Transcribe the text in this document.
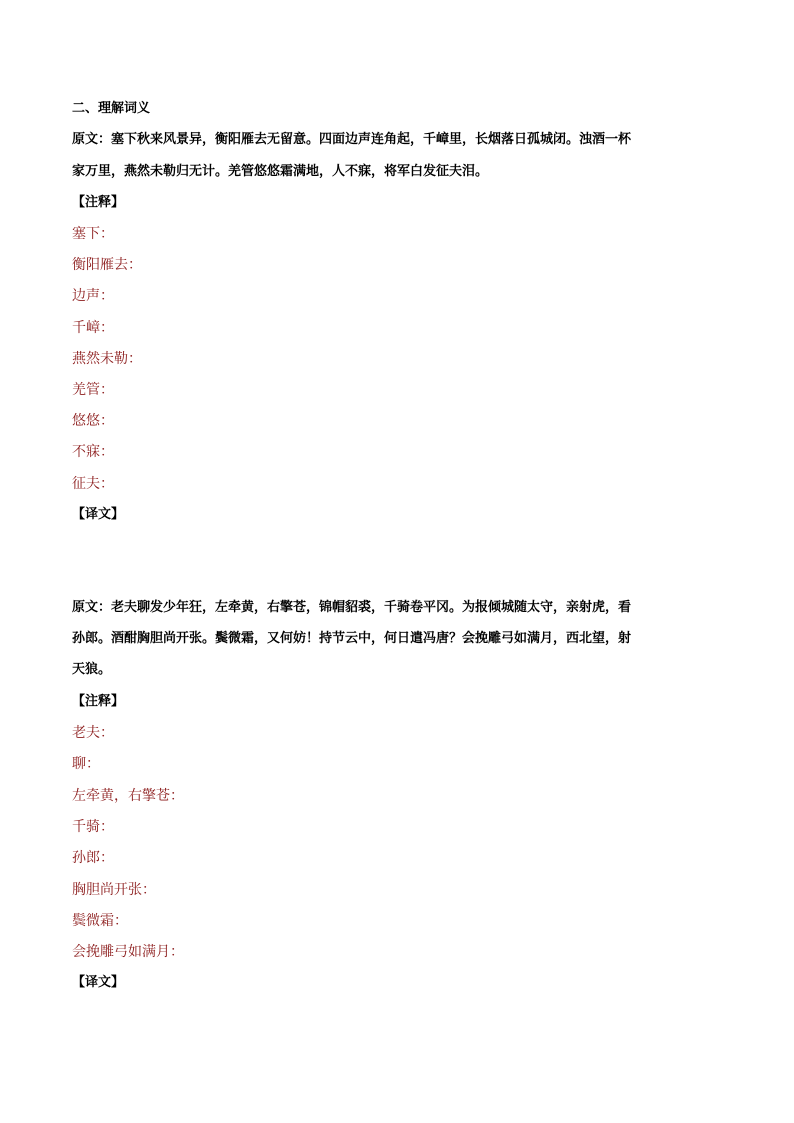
二、理解词义
原文：塞下秋来风景异，衡阳雁去无留意。四面边声连角起，千嶂里，长烟落日孤城闭。浊酒一杯
家万里，燕然未勒归无计。羌管悠悠霜满地，人不寐，将军白发征夫泪。
【注释】
塞下：
衡阳雁去：
边声：
千嶂：
燕然未勒：
羌管：
悠悠：
不寐：
征夫：
【译文】
原文：老夫聊发少年狂，左牵黄，右擎苍，锦帽貂裘，千骑卷平冈。为报倾城随太守，亲射虎，看
孙郎。酒酣胸胆尚开张。鬓微霜，又何妨！持节云中，何日遣冯唐？会挽雕弓如满月，西北望，射
天狼。
【注释】
老夫：
聊：
左牵黄，右擎苍：
千骑：
孙郎：
胸胆尚开张：
鬓微霜：
会挽雕弓如满月：
【译文】
